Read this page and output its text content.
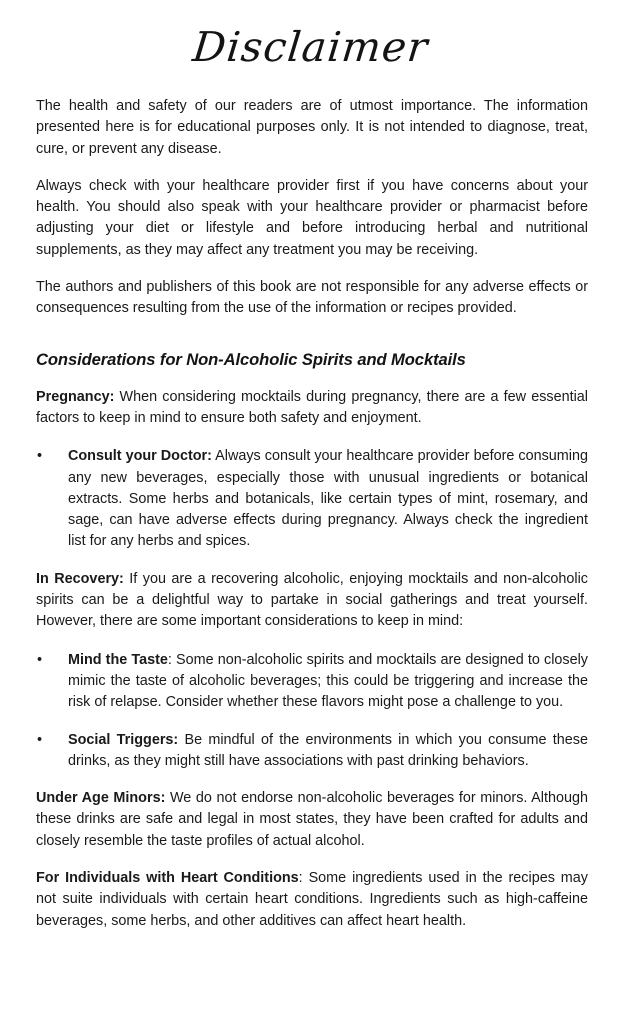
Disclaimer

The health and safety of our readers are of utmost importance. The information presented here is for educational purposes only. It is not intended to diagnose, treat, cure, or prevent any disease.

Always check with your healthcare provider first if you have concerns about your health. You should also speak with your healthcare provider or pharmacist before adjusting your diet or lifestyle and before introducing herbal and nutritional supplements, as they may affect any treatment you may be receiving.

The authors and publishers of this book are not responsible for any adverse effects or consequences resulting from the use of the information or recipes provided.

Considerations for Non-Alcoholic Spirits and Mocktails

Pregnancy: When considering mocktails during pregnancy, there are a few essential factors to keep in mind to ensure both safety and enjoyment.

•	Consult your Doctor: Always consult your healthcare provider before consuming any new beverages, especially those with unusual ingredients or botanical extracts. Some herbs and botanicals, like certain types of mint, rosemary, and sage, can have adverse effects during pregnancy. Always check the ingredient list for any herbs and spices.

In Recovery: If you are a recovering alcoholic, enjoying mocktails and non-alcoholic spirits can be a delightful way to partake in social gatherings and treat yourself. However, there are some important considerations to keep in mind:

•	Mind the Taste: Some non-alcoholic spirits and mocktails are designed to closely mimic the taste of alcoholic beverages; this could be triggering and increase the risk of relapse. Consider whether these flavors might pose a challenge to you.
•	Social Triggers: Be mindful of the environments in which you consume these drinks, as they might still have associations with past drinking behaviors.

Under Age Minors: We do not endorse non-alcoholic beverages for minors. Although these drinks are safe and legal in most states, they have been crafted for adults and closely resemble the taste profiles of actual alcohol.

For Individuals with Heart Conditions: Some ingredients used in the recipes may not suite individuals with certain heart conditions. Ingredients such as high-caffeine beverages, some herbs, and other additives can affect heart health.
